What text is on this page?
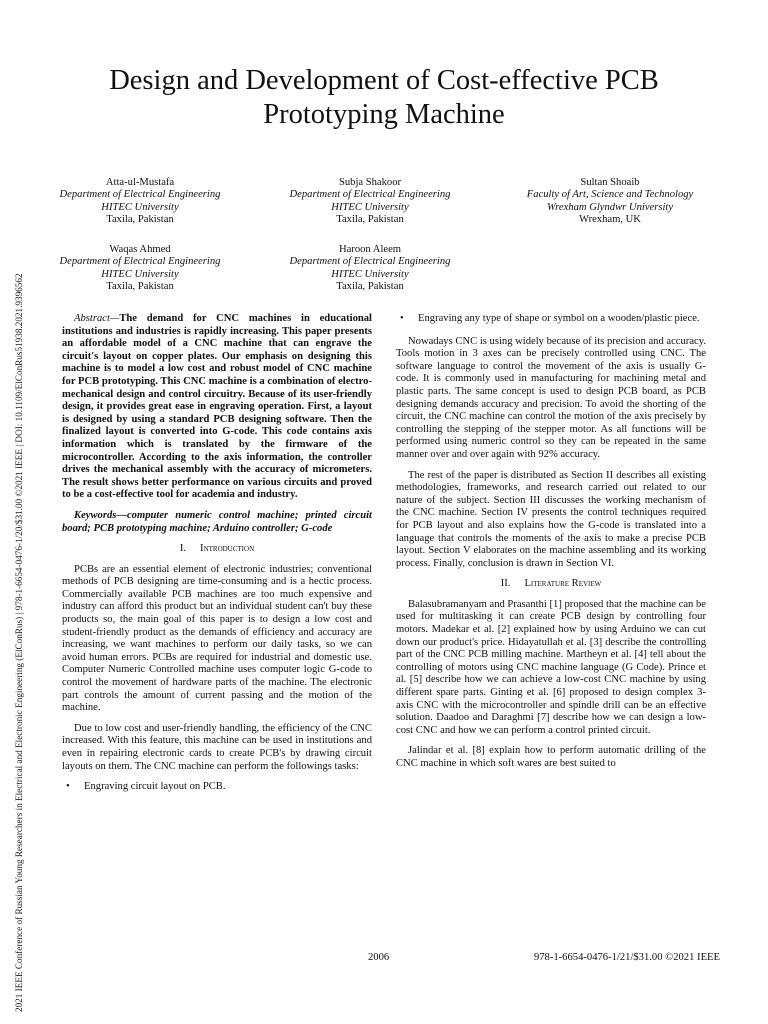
2021 IEEE Conference of Russian Young Researchers in Electrical and Electronic Engineering (ElConRus) | 978-1-6654-0476-1/20/$31.00 ©2021 IEEE | DOI: 10.1109/ElConRus51938.2021.9396562
Design and Development of Cost-effective PCB
Prototyping Machine
Atta-ul-Mustafa
Department of Electrical Engineering
HITEC University
Taxila, Pakistan
Subja Shakoor
Department of Electrical Engineering
HITEC University
Taxila, Pakistan
Sultan Shoaib
Faculty of Art, Science and Technology
Wrexham Glyndwr University
Wrexham, UK
Waqas Ahmed
Department of Electrical Engineering
HITEC University
Taxila, Pakistan
Haroon Aleem
Department of Electrical Engineering
HITEC University
Taxila, Pakistan

Abstract—The demand for CNC machines in educational institutions and industries is rapidly increasing. This paper presents an affordable model of a CNC machine that can engrave the circuit's layout on copper plates. Our emphasis on designing this machine is to model a low cost and robust model of CNC machine for PCB prototyping. This CNC machine is a combination of electro-mechanical design and control circuitry. Because of its user-friendly design, it provides great ease in engraving operation. First, a layout is designed by using a standard PCB designing software. Then the finalized layout is converted into G-code. This code contains axis information which is translated by the firmware of the microcontroller. According to the axis information, the controller drives the mechanical assembly with the accuracy of micrometers. The result shows better performance on various circuits and proved to be a cost-effective tool for academia and industry.

Keywords—computer numeric control machine; printed circuit board; PCB prototyping machine; Arduino controller; G-code

I. Introduction

PCBs are an essential element of electronic industries; conventional methods of PCB designing are time-consuming and is a hectic process. Commercially available PCB machines are too much expensive and industry can afford this product but an individual student can't buy these products so, the main goal of this paper is to design a low cost and student-friendly product as the demands of efficiency and accuracy are increasing, we want machines to perform our daily tasks, so we can avoid human errors. PCBs are required for industrial and domestic use. Computer Numeric Controlled machine uses computer logic G-code to control the movement of hardware parts of the machine. The electronic part controls the amount of current passing and the motion of the machine.

Due to low cost and user-friendly handling, the efficiency of the CNC increased. With this feature, this machine can be used in institutions and even in repairing electronic cards to create PCB's by drawing circuit layouts on them. The CNC machine can perform the followings tasks:

• Engraving circuit layout on PCB.
• Engraving any type of shape or symbol on a wooden/plastic piece.

Nowadays CNC is using widely because of its precision and accuracy. Tools motion in 3 axes can be precisely controlled using CNC. The software language to control the movement of the axis is usually G-code. It is commonly used in manufacturing for machining metal and plastic parts. The same concept is used to design PCB board, as PCB designing demands accuracy and precision. To avoid the shorting of the circuit, the CNC machine can control the motion of the axis precisely by controlling the stepping of the stepper motor. As all functions will be performed using numeric control so they can be repeated in the same manner over and over again with 92% accuracy.

The rest of the paper is distributed as Section II describes all existing methodologies, frameworks, and research carried out related to our nature of the subject. Section III discusses the working mechanism of the CNC machine. Section IV presents the control techniques required for PCB layout and also explains how the G-code is translated into a language that controls the moments of the axis to make a precise PCB layout. Section V elaborates on the machine assembling and its working process. Finally, conclusion is drawn in Section VI.

II. Literature Review

Balasubramanyam and Prasanthi [1] proposed that the machine can be used for multitasking it can create PCB design by controlling four motors. Madekar et al. [2] explained how by using Arduino we can cut down our product's price. Hidayatullah et al. [3] describe the controlling part of the CNC PCB milling machine. Martheyn et al. [4] tell about the controlling of motors using CNC machine language (G Code). Prince et al. [5] describe how we can achieve a low-cost CNC machine by using different spare parts. Ginting et al. [6] proposed to design complex 3-axis CNC with the microcontroller and spindle drill can be an effective solution. Daadoo and Daraghmi [7] describe how we can design a low-cost CNC and how we can perform a control printed circuit.

Jalindar et al. [8] explain how to perform automatic drilling of the CNC machine in which soft wares are best suited to

2006	978-1-6654-0476-1/21/$31.00 ©2021 IEEE
